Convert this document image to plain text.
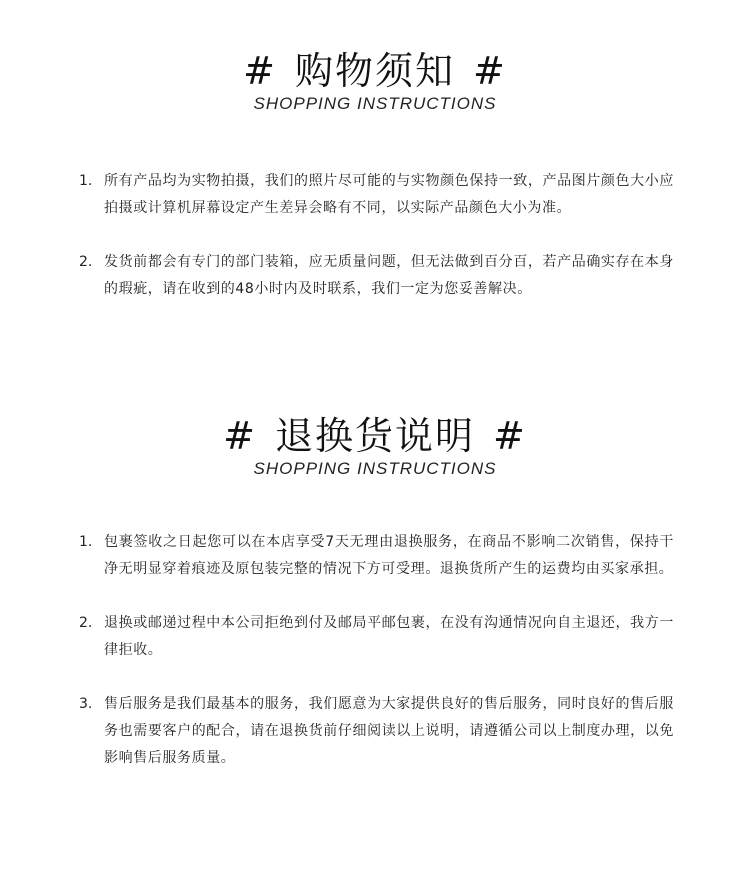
# 购物须知 #
SHOPPING INSTRUCTIONS
1. 所有产品均为实物拍摄，我们的照片尽可能的与实物颜色保持一致，产品图片颜色大小应拍摄或计算机屏幕设定产生差异会略有不同，以实际产品颜色大小为准。
2. 发货前都会有专门的部门装箱，应无质量问题，但无法做到百分百，若产品确实存在本身的瑕疵，请在收到的48小时内及时联系，我们一定为您妥善解决。
# 退换货说明 #
SHOPPING INSTRUCTIONS
1. 包裹签收之日起您可以在本店享受7天无理由退换服务，在商品不影响二次销售，保持干净无明显穿着痕迹及原包装完整的情况下方可受理。退换货所产生的运费均由买家承担。
2. 退换或邮递过程中本公司拒绝到付及邮局平邮包裹，在没有沟通情况向自主退还，我方一律拒收。
3. 售后服务是我们最基本的服务，我们愿意为大家提供良好的售后服务，同时良好的售后服务也需要客户的配合，请在退换货前仔细阅读以上说明，请遵循公司以上制度办理，以免影响售后服务质量。
